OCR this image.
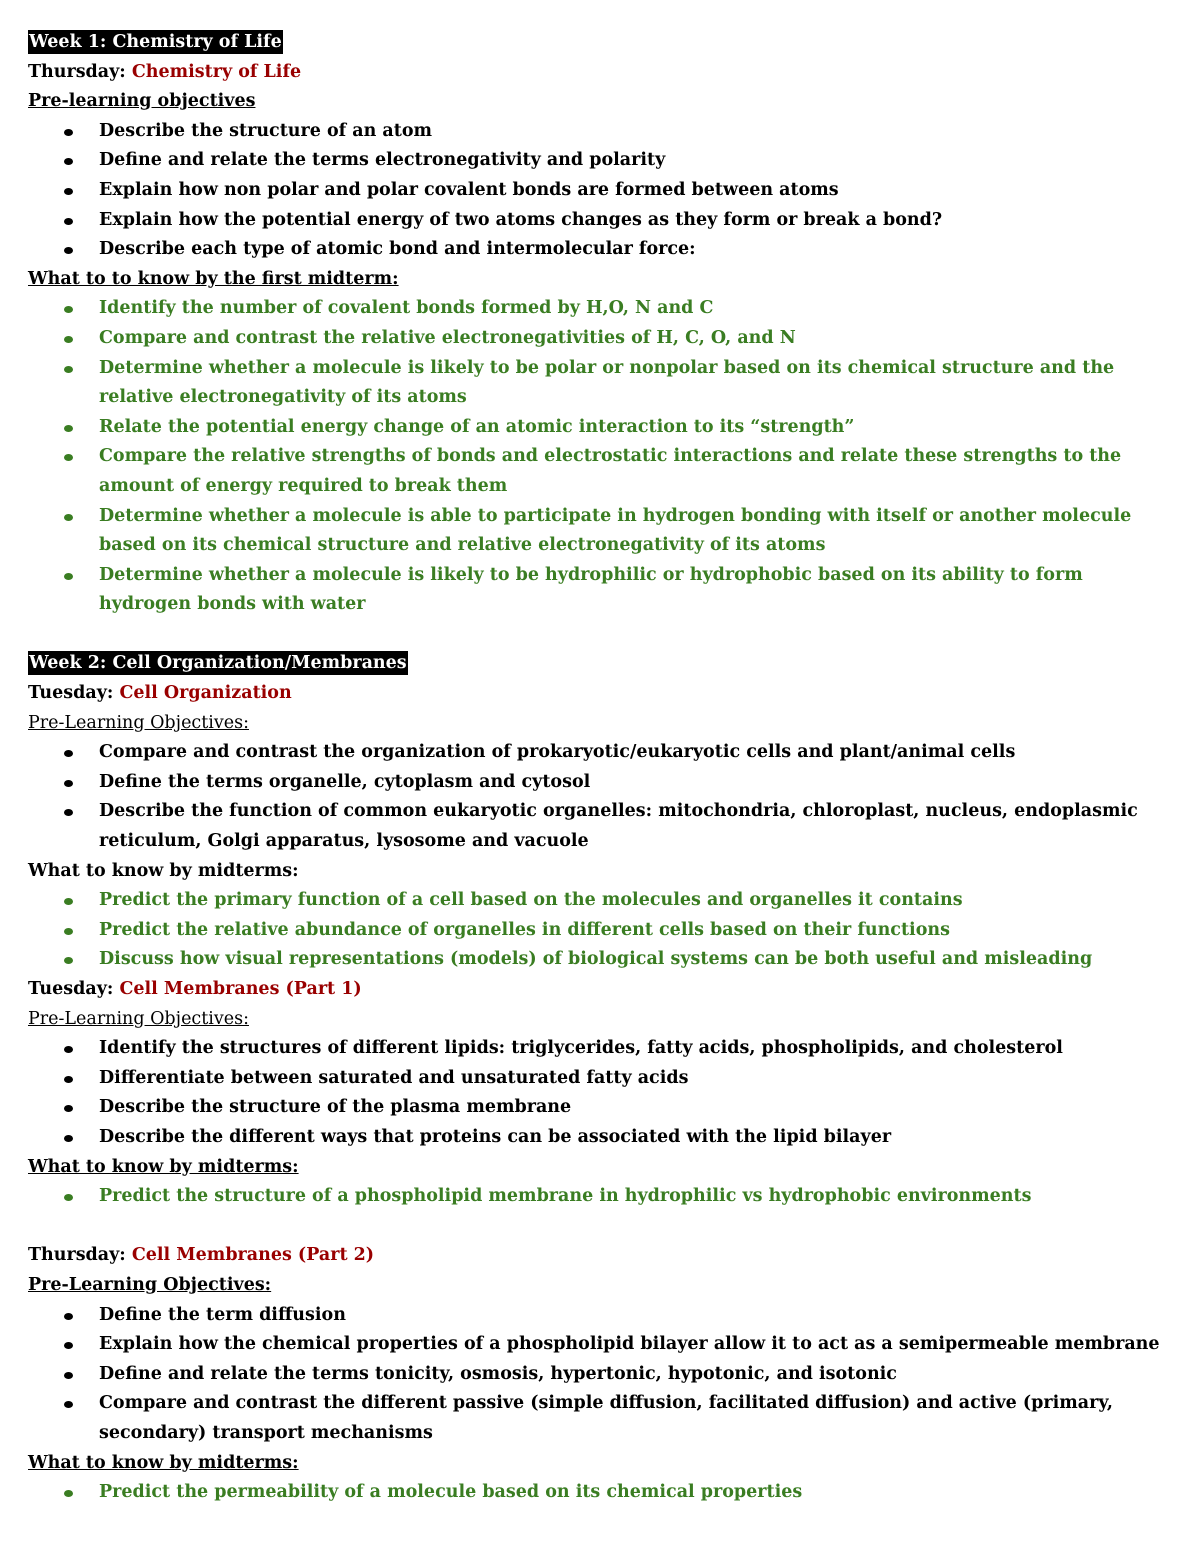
Week 1: Chemistry of Life
Thursday: Chemistry of Life
Pre-learning objectives
Describe the structure of an atom
Define and relate the terms electronegativity and polarity
Explain how non polar and polar covalent bonds are formed between atoms
Explain how the potential energy of two atoms changes as they form or break a bond?
Describe each type of atomic bond and intermolecular force:
What to to know by the first midterm:
Identify the number of covalent bonds formed by H,O, N and C
Compare and contrast the relative electronegativities of H, C, O, and N
Determine whether a molecule is likely to be polar or nonpolar based on its chemical structure and the relative electronegativity of its atoms
Relate the potential energy change of an atomic interaction to its “strength”
Compare the relative strengths of bonds and electrostatic interactions and relate these strengths to the amount of energy required to break them
Determine whether a molecule is able to participate in hydrogen bonding with itself or another molecule based on its chemical structure and relative electronegativity of its atoms
Determine whether a molecule is likely to be hydrophilic or hydrophobic based on its ability to form hydrogen bonds with water
Week 2: Cell Organization/Membranes
Tuesday: Cell Organization
Pre-Learning Objectives:
Compare and contrast the organization of prokaryotic/eukaryotic cells and plant/animal cells
Define the terms organelle, cytoplasm and cytosol
Describe the function of common eukaryotic organelles: mitochondria, chloroplast, nucleus, endoplasmic reticulum, Golgi apparatus, lysosome and vacuole
What to know by midterms:
Predict the primary function of a cell based on the molecules and organelles it contains
Predict the relative abundance of organelles in different cells based on their functions
Discuss how visual representations (models) of biological systems can be both useful and misleading
Tuesday: Cell Membranes (Part 1)
Pre-Learning Objectives:
Identify the structures of different lipids: triglycerides, fatty acids, phospholipids, and cholesterol
Differentiate between saturated and unsaturated fatty acids
Describe the structure of the plasma membrane
Describe the different ways that proteins can be associated with the lipid bilayer
What to know by midterms:
Predict the structure of a phospholipid membrane in hydrophilic vs hydrophobic environments
Thursday: Cell Membranes (Part 2)
Pre-Learning Objectives:
Define the term diffusion
Explain how the chemical properties of a phospholipid bilayer allow it to act as a semipermeable membrane
Define and relate the terms tonicity, osmosis, hypertonic, hypotonic, and isotonic
Compare and contrast the different passive (simple diffusion, facilitated diffusion) and active (primary, secondary) transport mechanisms
What to know by midterms:
Predict the permeability of a molecule based on its chemical properties
